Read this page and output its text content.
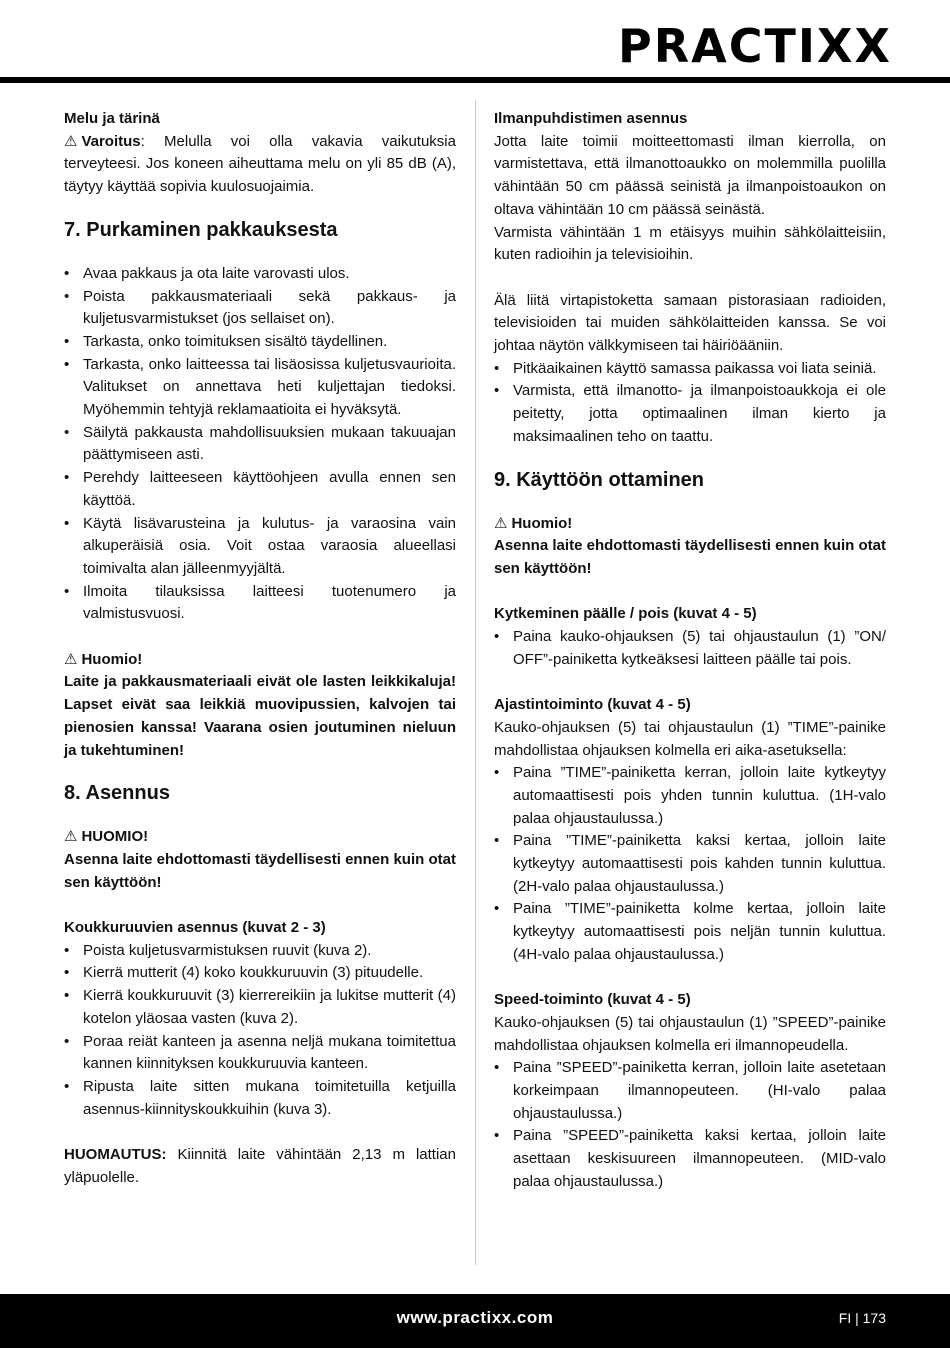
PRACTIXX

Melu ja tärinä

⚠ Varoitus: Melulla voi olla vakavia vaikutuksia terveyteesi. Jos koneen aiheuttama melu on yli 85 dB (A), täytyy käyttää sopivia kuulosuojaimia.

7. Purkaminen pakkauksesta
• Avaa pakkaus ja ota laite varovasti ulos.
• Poista pakkausmateriaali sekä pakkaus- ja kuljetusvarmistukset (jos sellaiset on).
• Tarkasta, onko toimituksen sisältö täydellinen.
• Tarkasta, onko laitteessa tai lisäosissa kuljetusvaurioita. Valitukset on annettava heti kuljettajan tiedoksi. Myöhemmin tehtyjä reklamaatioita ei hyväksytä.
• Säilytä pakkausta mahdollisuuksien mukaan takuuajan päättymiseen asti.
• Perehdy laitteeseen käyttöohjeen avulla ennen sen käyttöä.
• Käytä lisävarusteina ja kulutus- ja varaosina vain alkuperäisiä osia. Voit ostaa varaosia alueellasi toimivalta alan jälleenmyyjältä.
• Ilmoita tilauksissa laitteesi tuotenumero ja valmistusvuosi.

⚠ Huomio!

Laite ja pakkausmateriaali eivät ole lasten leikkikaluja! Lapset eivät saa leikkiä muovipussien, kalvojen tai pienosien kanssa! Vaarana osien joutuminen nieluun ja tukehtuminen!

8. Asennus

⚠ HUOMIO!

Asenna laite ehdottomasti täydellisesti ennen kuin otat sen käyttöön!

Koukkuruuvien asennus (kuvat 2 - 3)

• Poista kuljetusvarmistuksen ruuvit (kuva 2).
• Kierrä mutterit (4) koko koukkuruuvin (3) pituudelle.
• Kierrä koukkuruuvit (3) kierrereikiin ja lukitse mutterit (4) kotelon yläosaa vasten (kuva 2).
• Poraa reiät kanteen ja asenna neljä mukana toimitettua kannen kiinnityksen koukkuruuvia kanteen.
• Ripusta laite sitten mukana toimitetuilla ketjuilla asennus-kiinnityskoukkuihin (kuva 3).

HUOMAUTUS: Kiinnitä laite vähintään 2,13 m lattian yläpuolelle.

Ilmanpuhdistimen asennus

Jotta laite toimii moitteettomasti ilman kierrolla, on varmistettava, että ilmanottoaukko on molemmilla puolilla vähintään 50 cm päässä seinistä ja ilmanpoistoaukon on oltava vähintään 10 cm päässä seinästä.

Varmista vähintään 1 m etäisyys muihin sähkölaitteisiin, kuten radioihin ja televisioihin.

Älä liitä virtapistoketta samaan pistorasiaan radioiden, televisioiden tai muiden sähkölaitteiden kanssa. Se voi johtaa näytön välkkymiseen tai häiriöääniin.

• Pitkäaikainen käyttö samassa paikassa voi liata seiniä.
• Varmista, että ilmanotto- ja ilmanpoistoaukkoja ei ole peitetty, jotta optimaalinen ilman kierto ja maksimaalinen teho on taattu.
9. Käyttöön ottaminen

⚠ Huomio!

Asenna laite ehdottomasti täydellisesti ennen kuin otat sen käyttöön!

Kytkeminen päälle / pois (kuvat 4 - 5)

• Paina kauko-ohjauksen (5) tai ohjaustaulun (1) ”ON/ OFF”-painiketta kytkeäksesi laitteen päälle tai pois.

Ajastintoiminto (kuvat 4 - 5)

Kauko-ohjauksen (5) tai ohjaustaulun (1) ”TIME”-painike mahdollistaa ohjauksen kolmella eri aika-asetuksella:

• Paina ”TIME”-painiketta kerran, jolloin laite kytkeytyy automaattisesti pois yhden tunnin kuluttua. (1H-valo palaa ohjaustaulussa.)
• Paina ”TIME”-painiketta kaksi kertaa, jolloin laite kytkeytyy automaattisesti pois kahden tunnin kuluttua. (2H-valo palaa ohjaustaulussa.)
• Paina ”TIME”-painiketta kolme kertaa, jolloin laite kytkeytyy automaattisesti pois neljän tunnin kuluttua. (4H-valo palaa ohjaustaulussa.)

Speed-toiminto (kuvat 4 - 5)

Kauko-ohjauksen (5) tai ohjaustaulun (1) ”SPEED”-painike mahdollistaa ohjauksen kolmella eri ilmannopeudella.

• Paina ”SPEED”-painiketta kerran, jolloin laite asetetaan korkeimpaan ilmannopeuteen. (HI-valo palaa ohjaustaulussa.)
• Paina ”SPEED”-painiketta kaksi kertaa, jolloin laite asettaan keskisuureen ilmannopeuteen. (MID-valo palaa ohjaustaulussa.)
www.practixx.com	FI | 173
